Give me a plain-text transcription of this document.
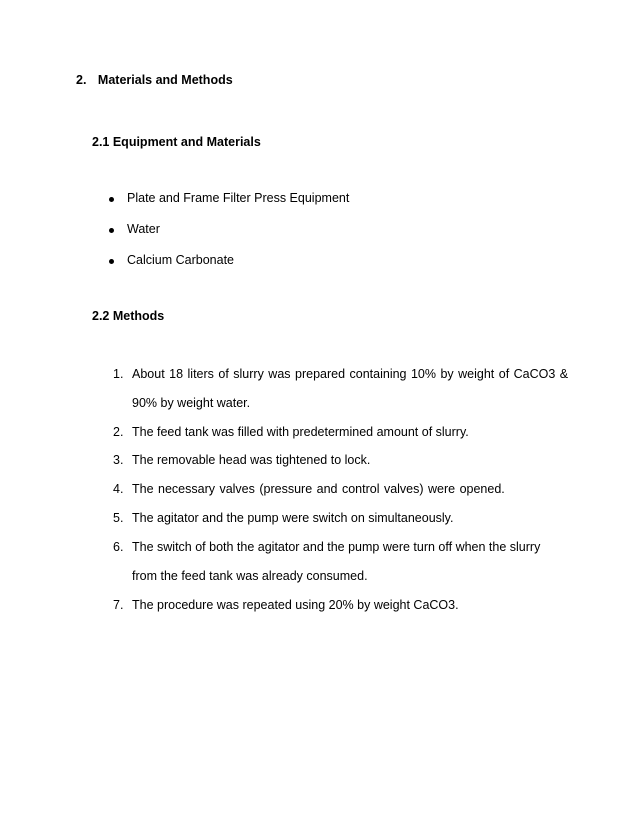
2. Materials and Methods
2.1 Equipment and Materials
Plate and Frame Filter Press Equipment
Water
Calcium Carbonate
2.2 Methods
1. About 18 liters of slurry was prepared containing 10% by weight of CaCO3 &
90% by weight water.
2. The feed tank was filled with predetermined amount of slurry.
3. The removable head was tightened to lock.
4. The necessary valves (pressure and control valves) were opened.
5. The agitator and the pump were switch on simultaneously.
6. The switch of both the agitator and the pump were turn off when the slurry
from the feed tank was already consumed.
7. The procedure was repeated using 20% by weight CaCO3.
